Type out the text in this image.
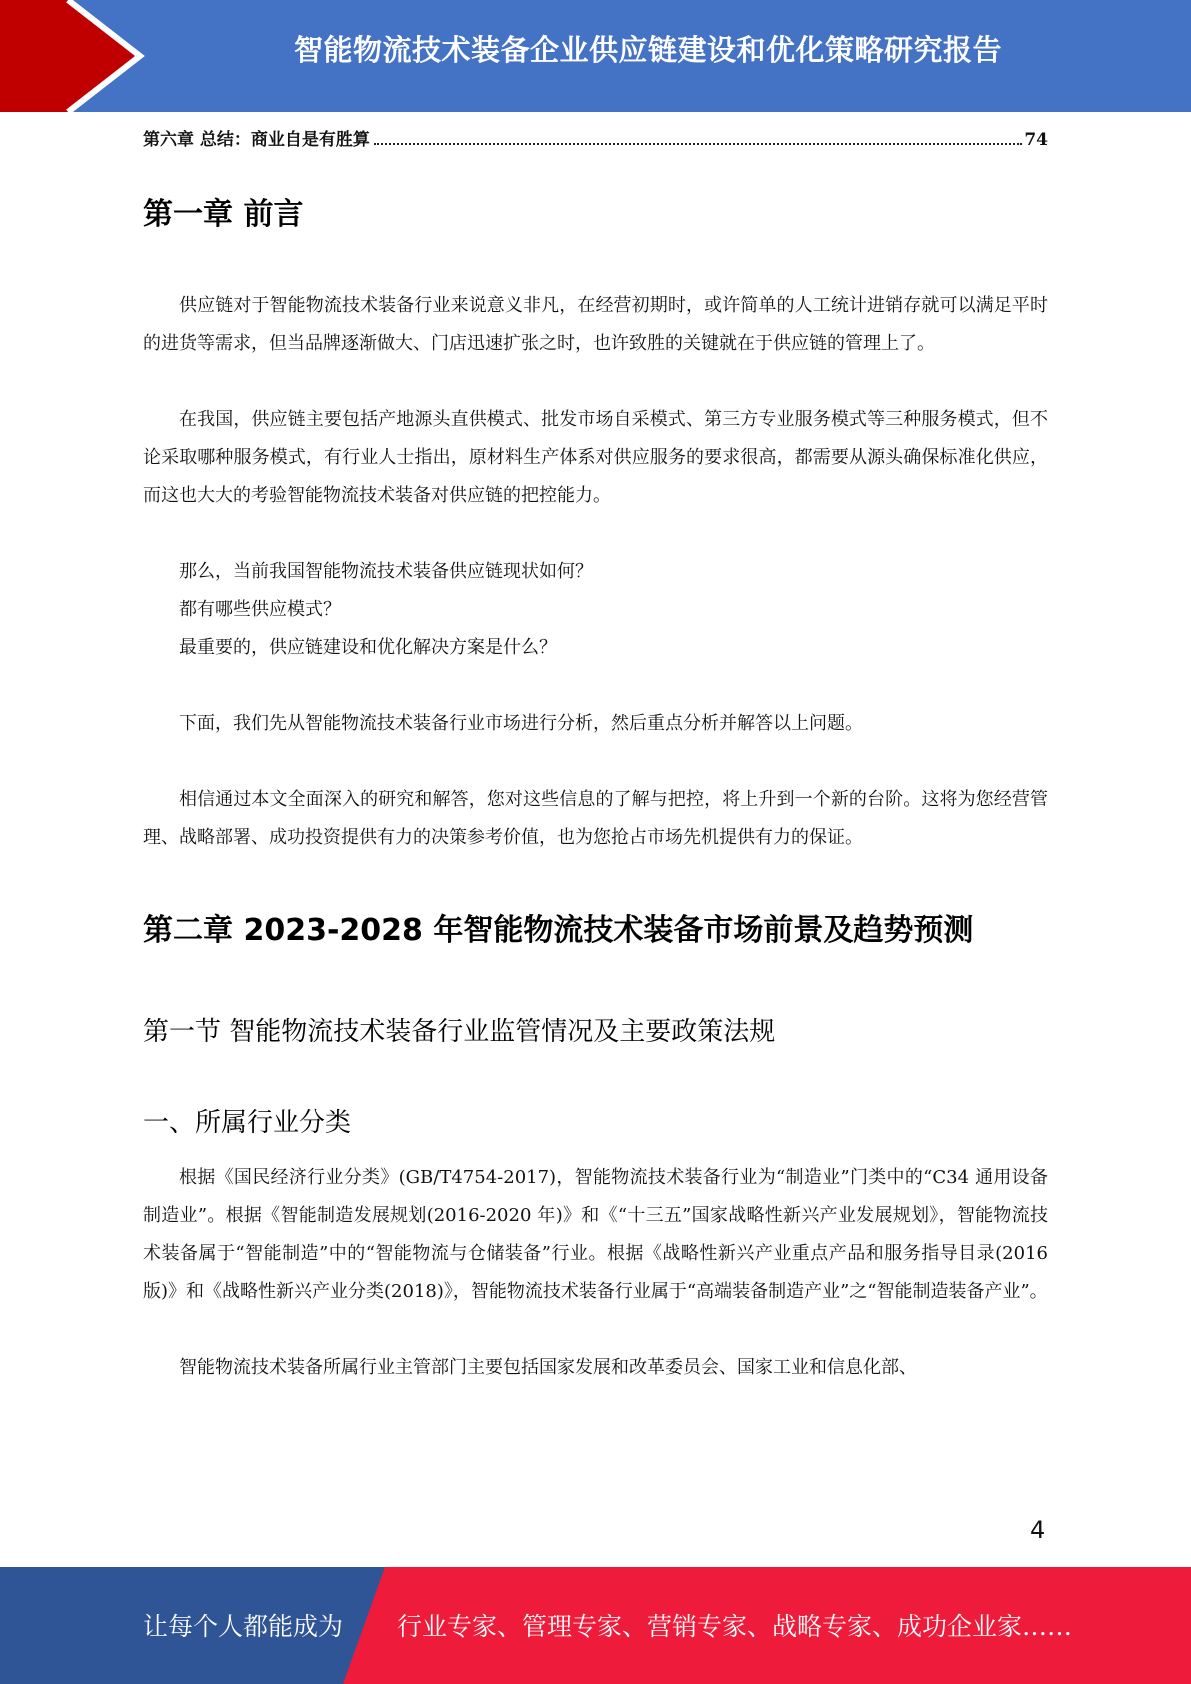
智能物流技术装备企业供应链建设和优化策略研究报告
第六章 总结：商业自是有胜算	74
第一章 前言

供应链对于智能物流技术装备行业来说意义非凡，在经营初期时，或许简单的人工统计进销存就可以满足平时的进货等需求，但当品牌逐渐做大、门店迅速扩张之时，也许致胜的关键就在于供应链的管理上了。

在我国，供应链主要包括产地源头直供模式、批发市场自采模式、第三方专业服务模式等三种服务模式，但不论采取哪种服务模式，有行业人士指出，原材料生产体系对供应服务的要求很高，都需要从源头确保标准化供应，而这也大大的考验智能物流技术装备对供应链的把控能力。

那么，当前我国智能物流技术装备供应链现状如何？

都有哪些供应模式？

最重要的，供应链建设和优化解决方案是什么？

下面，我们先从智能物流技术装备行业市场进行分析，然后重点分析并解答以上问题。

相信通过本文全面深入的研究和解答，您对这些信息的了解与把控，将上升到一个新的台阶。这将为您经营管理、战略部署、成功投资提供有力的决策参考价值，也为您抢占市场先机提供有力的保证。

第二章 2023-2028 年智能物流技术装备市场前景及趋势预测
第一节 智能物流技术装备行业监管情况及主要政策法规
一、所属行业分类

根据《国民经济行业分类》(GB/T4754-2017)，智能物流技术装备行业为“制造业”门类中的“C34 通用设备制造业”。根据《智能制造发展规划(2016-2020 年)》和《“十三五”国家战略性新兴产业发展规划》，智能物流技术装备属于“智能制造”中的“智能物流与仓储装备”行业。根据《战略性新兴产业重点产品和服务指导目录(2016 版)》和《战略性新兴产业分类(2018)》，智能物流技术装备行业属于“高端装备制造产业”之“智能制造装备产业”。

智能物流技术装备所属行业主管部门主要包括国家发展和改革委员会、国家工业和信息化部、

4
让每个人都能成为 行业专家、管理专家、营销专家、战略专家、成功企业家……
